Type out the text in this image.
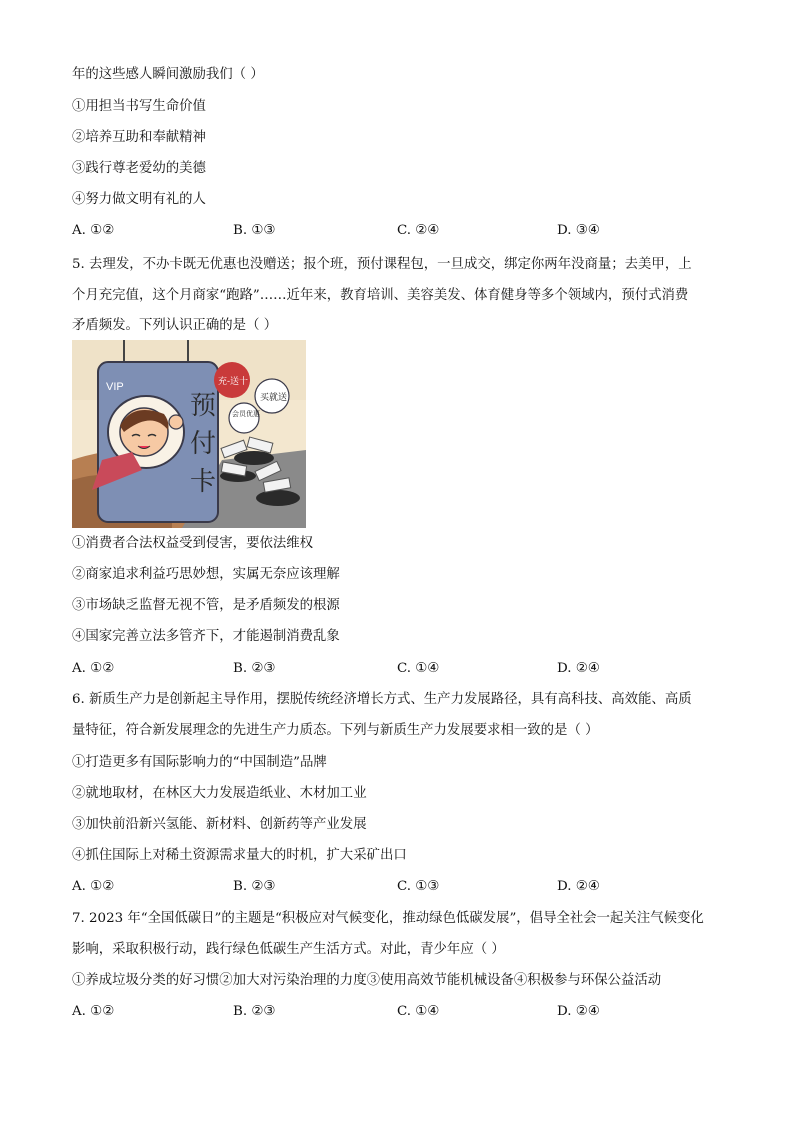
年的这些感人瞬间激励我们（ ）
①用担当书写生命价值
②培养互助和奉献精神
③践行尊老爱幼的美德
④努力做文明有礼的人
A. ①②	B. ①③	C. ②④	D. ③④
5. 去理发，不办卡既无优惠也没赠送；报个班，预付课程包，一旦成交，绑定你两年没商量；去美甲，上
个月充完值，这个月商家“跑路”……近年来，教育培训、美容美发、体育健身等多个领域内，预付式消费
矛盾频发。下列认识正确的是（ ）
VIP
预
付
卡
充-送十
买就送
会员优惠
①消费者合法权益受到侵害，要依法维权
②商家追求利益巧思妙想，实属无奈应该理解
③市场缺乏监督无视不管，是矛盾频发的根源
④国家完善立法多管齐下，才能遏制消费乱象
A. ①②	B. ②③	C. ①④	D. ②④
6. 新质生产力是创新起主导作用，摆脱传统经济增长方式、生产力发展路径，具有高科技、高效能、高质
量特征，符合新发展理念的先进生产力质态。下列与新质生产力发展要求相一致的是（ ）
①打造更多有国际影响力的“中国制造”品牌
②就地取材，在林区大力发展造纸业、木材加工业
③加快前沿新兴氢能、新材料、创新药等产业发展
④抓住国际上对稀土资源需求量大的时机，扩大采矿出口
A. ①②	B. ②③	C. ①③	D. ②④
7. 2023 年“全国低碳日”的主题是“积极应对气候变化，推动绿色低碳发展”，倡导全社会一起关注气候变化
影响，采取积极行动，践行绿色低碳生产生活方式。对此，青少年应（ ）
①养成垃圾分类的好习惯②加大对污染治理的力度③使用高效节能机械设备④积极参与环保公益活动
A. ①②	B. ②③	C. ①④	D. ②④
